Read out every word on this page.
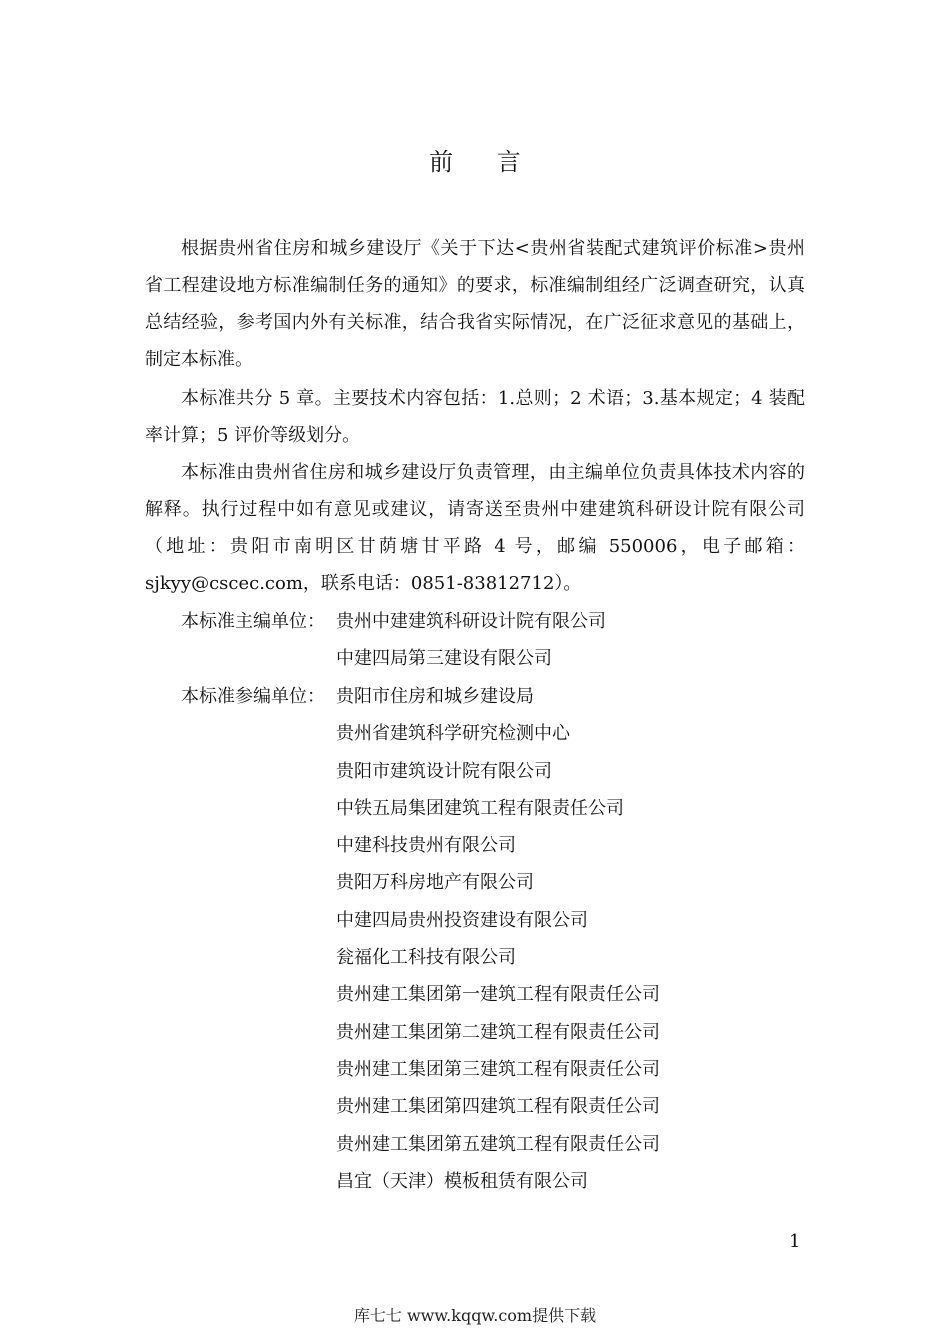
前 言

根据贵州省住房和城乡建设厅《关于下达<贵州省装配式建筑评价标准>贵州省工程建设地方标准编制任务的通知》的要求，标准编制组经广泛调查研究，认真总结经验，参考国内外有关标准，结合我省实际情况，在广泛征求意见的基础上，制定本标准。

本标准共分 5 章。主要技术内容包括：1.总则；2 术语；3.基本规定；4 装配率计算；5 评价等级划分。

本标准由贵州省住房和城乡建设厅负责管理，由主编单位负责具体技术内容的解释。执行过程中如有意见或建议，请寄送至贵州中建建筑科研设计院有限公司（地址：贵阳市南明区甘荫塘甘平路 4 号，邮编 550006，电子邮箱：sjkyy@cscec.com，联系电话：0851-83812712）。

本标准主编单位： 贵州中建建筑科研设计院有限公司
中建四局第三建设有限公司
本标准参编单位： 贵阳市住房和城乡建设局
贵州省建筑科学研究检测中心
贵阳市建筑设计院有限公司
中铁五局集团建筑工程有限责任公司
中建科技贵州有限公司
贵阳万科房地产有限公司
中建四局贵州投资建设有限公司
瓮福化工科技有限公司
贵州建工集团第一建筑工程有限责任公司
贵州建工集团第二建筑工程有限责任公司
贵州建工集团第三建筑工程有限责任公司
贵州建工集团第四建筑工程有限责任公司
贵州建工集团第五建筑工程有限责任公司
昌宜（天津）模板租赁有限公司
1
库七七 www.kqqw.com提供下载
